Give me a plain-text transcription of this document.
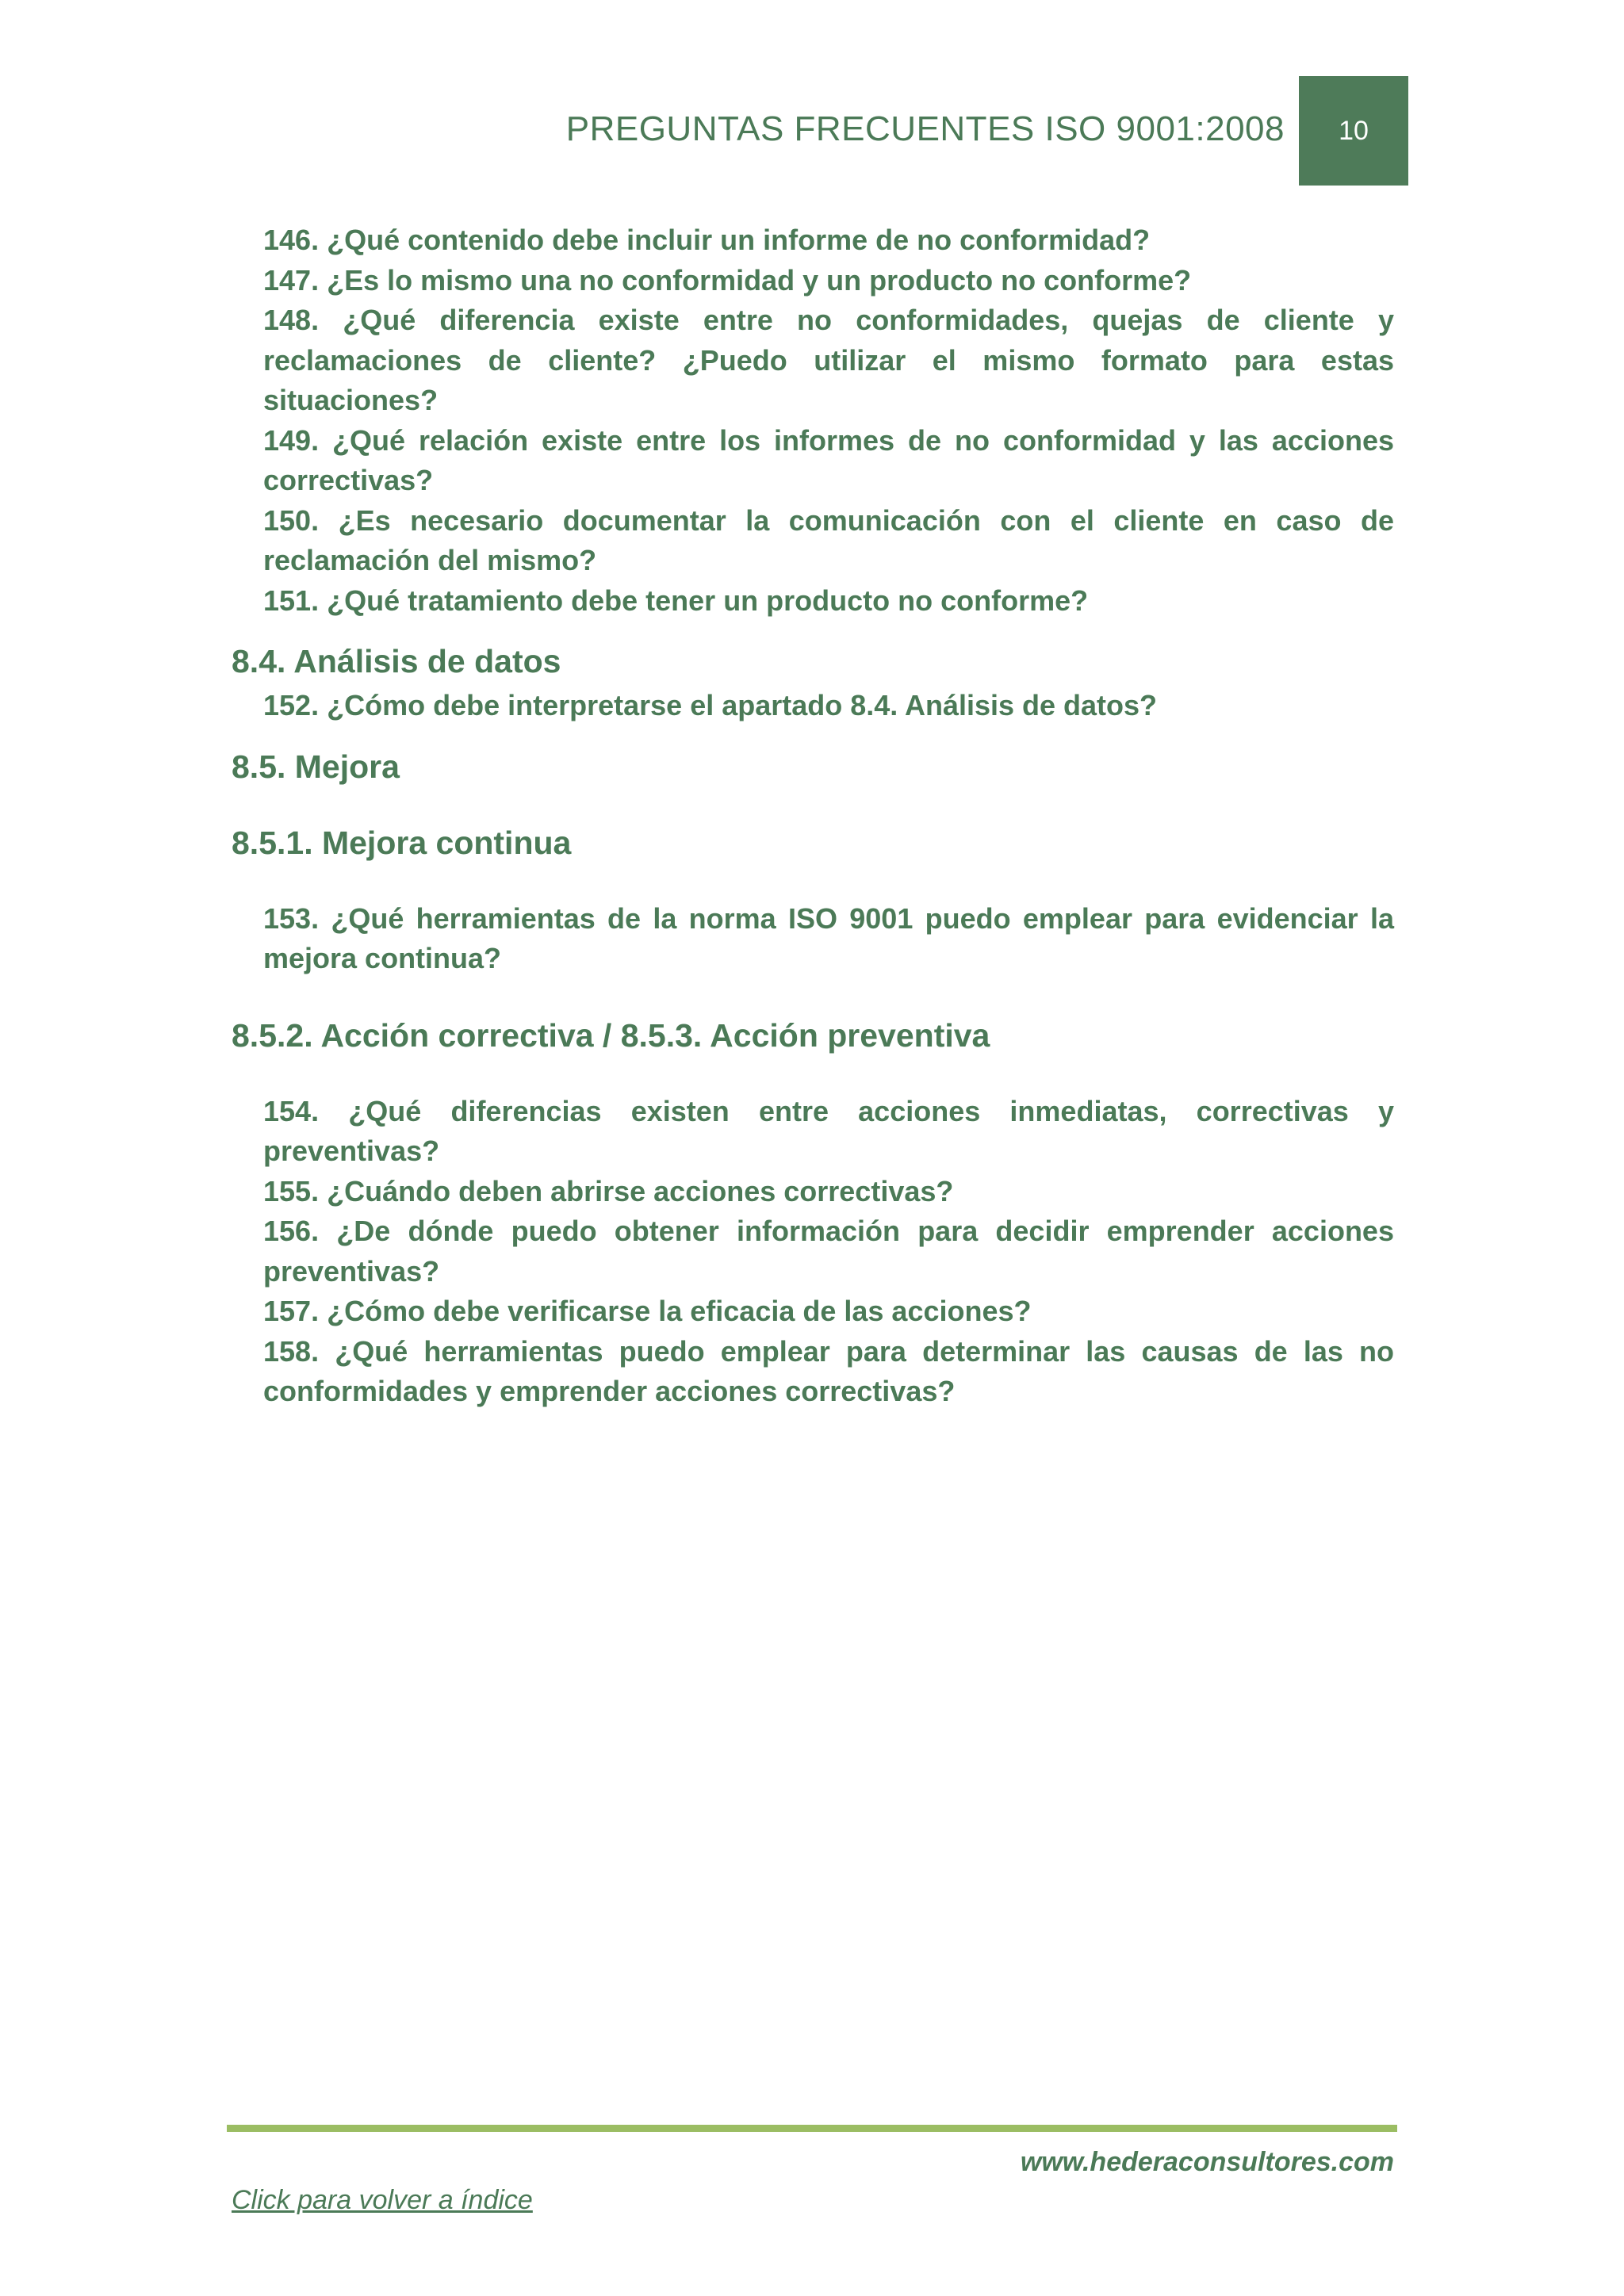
PREGUNTAS FRECUENTES ISO 9001:2008 10
146. ¿Qué contenido debe incluir un informe de no conformidad?
147. ¿Es lo mismo una no conformidad y un producto no conforme?
148. ¿Qué diferencia existe entre no conformidades, quejas de cliente y reclamaciones de cliente? ¿Puedo utilizar el mismo formato para estas situaciones?
149. ¿Qué relación existe entre los informes de no conformidad y las acciones correctivas?
150. ¿Es necesario documentar la comunicación con el cliente en caso de reclamación del mismo?
151. ¿Qué tratamiento debe tener un producto no conforme?
8.4. Análisis de datos
152. ¿Cómo debe interpretarse el apartado 8.4. Análisis de datos?
8.5. Mejora
8.5.1. Mejora continua
153. ¿Qué herramientas de la norma ISO 9001 puedo emplear para evidenciar la mejora continua?
8.5.2. Acción correctiva / 8.5.3. Acción preventiva
154. ¿Qué diferencias existen entre acciones inmediatas, correctivas y preventivas?
155. ¿Cuándo deben abrirse acciones correctivas?
156. ¿De dónde puedo obtener información para decidir emprender acciones preventivas?
157. ¿Cómo debe verificarse la eficacia de las acciones?
158. ¿Qué herramientas puedo emplear para determinar las causas de las no conformidades y emprender acciones correctivas?
www.hederaconsultores.com
Click para volver a índice
